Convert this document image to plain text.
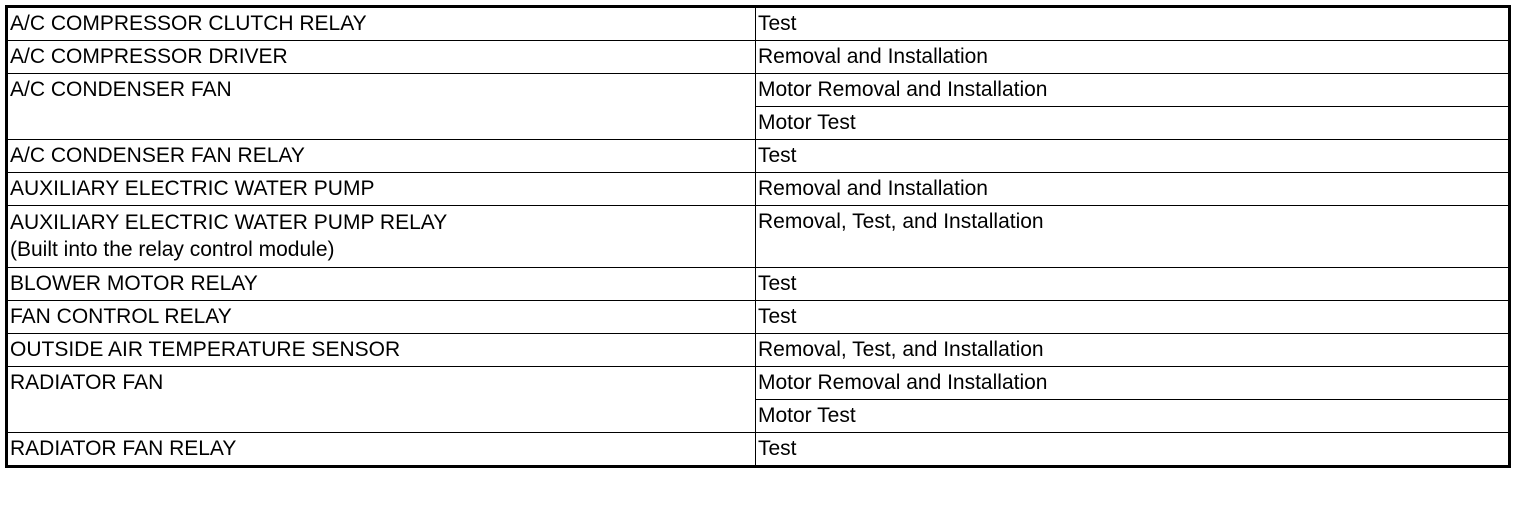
A/C COMPRESSOR CLUTCH RELAY	Test
A/C COMPRESSOR DRIVER	Removal and Installation
A/C CONDENSER FAN	Motor Removal and Installation
	Motor Test
A/C CONDENSER FAN RELAY	Test
AUXILIARY ELECTRIC WATER PUMP	Removal and Installation

AUXILIARY ELECTRIC WATER PUMP RELAY
(Built into the relay control module)	Removal, Test, and Installation
BLOWER MOTOR RELAY	Test
FAN CONTROL RELAY	Test
OUTSIDE AIR TEMPERATURE SENSOR	Removal, Test, and Installation
RADIATOR FAN	Motor Removal and Installation
	Motor Test
RADIATOR FAN RELAY	Test
